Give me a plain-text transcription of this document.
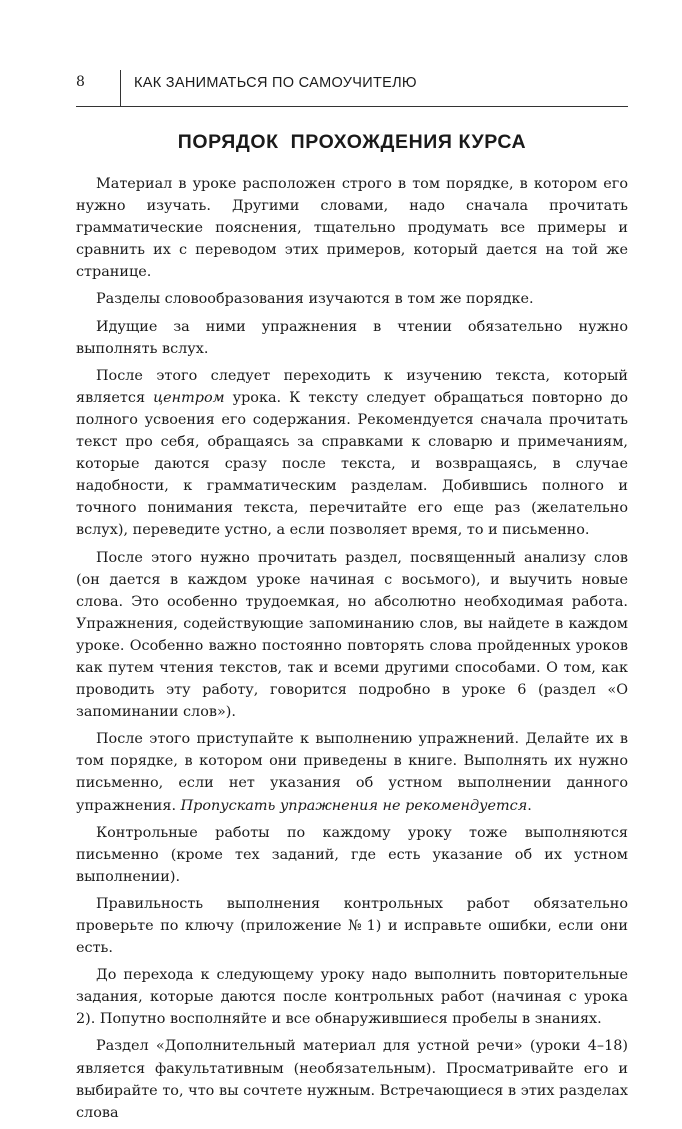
8	КАК ЗАНИМАТЬСЯ ПО САМОУЧИТЕЛЮ
ПОРЯДОК  ПРОХОЖДЕНИЯ КУРСА

Материал в уроке расположен строго в том порядке, в котором его нужно изучать. Другими словами, надо сначала прочитать грамматические пояснения, тщательно продумать все примеры и сравнить их с переводом этих примеров, который дается на той же странице.

Разделы словообразования изучаются в том же порядке.

Идущие за ними упражнения в чтении обязательно нужно выполнять вслух.

После этого следует переходить к изучению текста, который является центром урока. К тексту следует обращаться повторно до полного усвоения его содержания. Рекомендуется сначала прочитать текст про себя, обращаясь за справками к словарю и примечаниям, которые даются сразу после текста, и возвращаясь, в случае надобности, к грамматическим разделам. Добившись полного и точного понимания текста, перечитайте его еще раз (желательно вслух), переведите устно, а если позволяет время, то и письменно.

После этого нужно прочитать раздел, посвященный анализу слов (он дается в каждом уроке начиная с восьмого), и выучить новые слова. Это особенно трудоемкая, но абсолютно необходимая работа. Упражнения, содействующие запоминанию слов, вы найдете в каждом уроке. Особенно важно постоянно повторять слова пройденных уроков как путем чтения текстов, так и всеми другими способами. О том, как проводить эту работу, говорится подробно в уроке 6 (раздел «О запоминании слов»).

После этого приступайте к выполнению упражнений. Делайте их в том порядке, в котором они приведены в книге. Выполнять их нужно письменно, если нет указания об устном выполнении данного упражнения. Пропускать упражнения не рекомендуется.

Контрольные работы по каждому уроку тоже выполняются письменно (кроме тех заданий, где есть указание об их устном выполнении).

Правильность выполнения контрольных работ обязательно проверьте по ключу (приложение № 1) и исправьте ошибки, если они есть.

До перехода к следующему уроку надо выполнить повторительные задания, которые даются после контрольных работ (начиная с урока 2). Попутно восполняйте и все обнаружившиеся пробелы в знаниях.

Раздел «Дополнительный материал для устной речи» (уроки 4–18) является факультативным (необязательным). Просматривайте его и выбирайте то, что вы сочтете нужным. Встречающиеся в этих разделах слова
